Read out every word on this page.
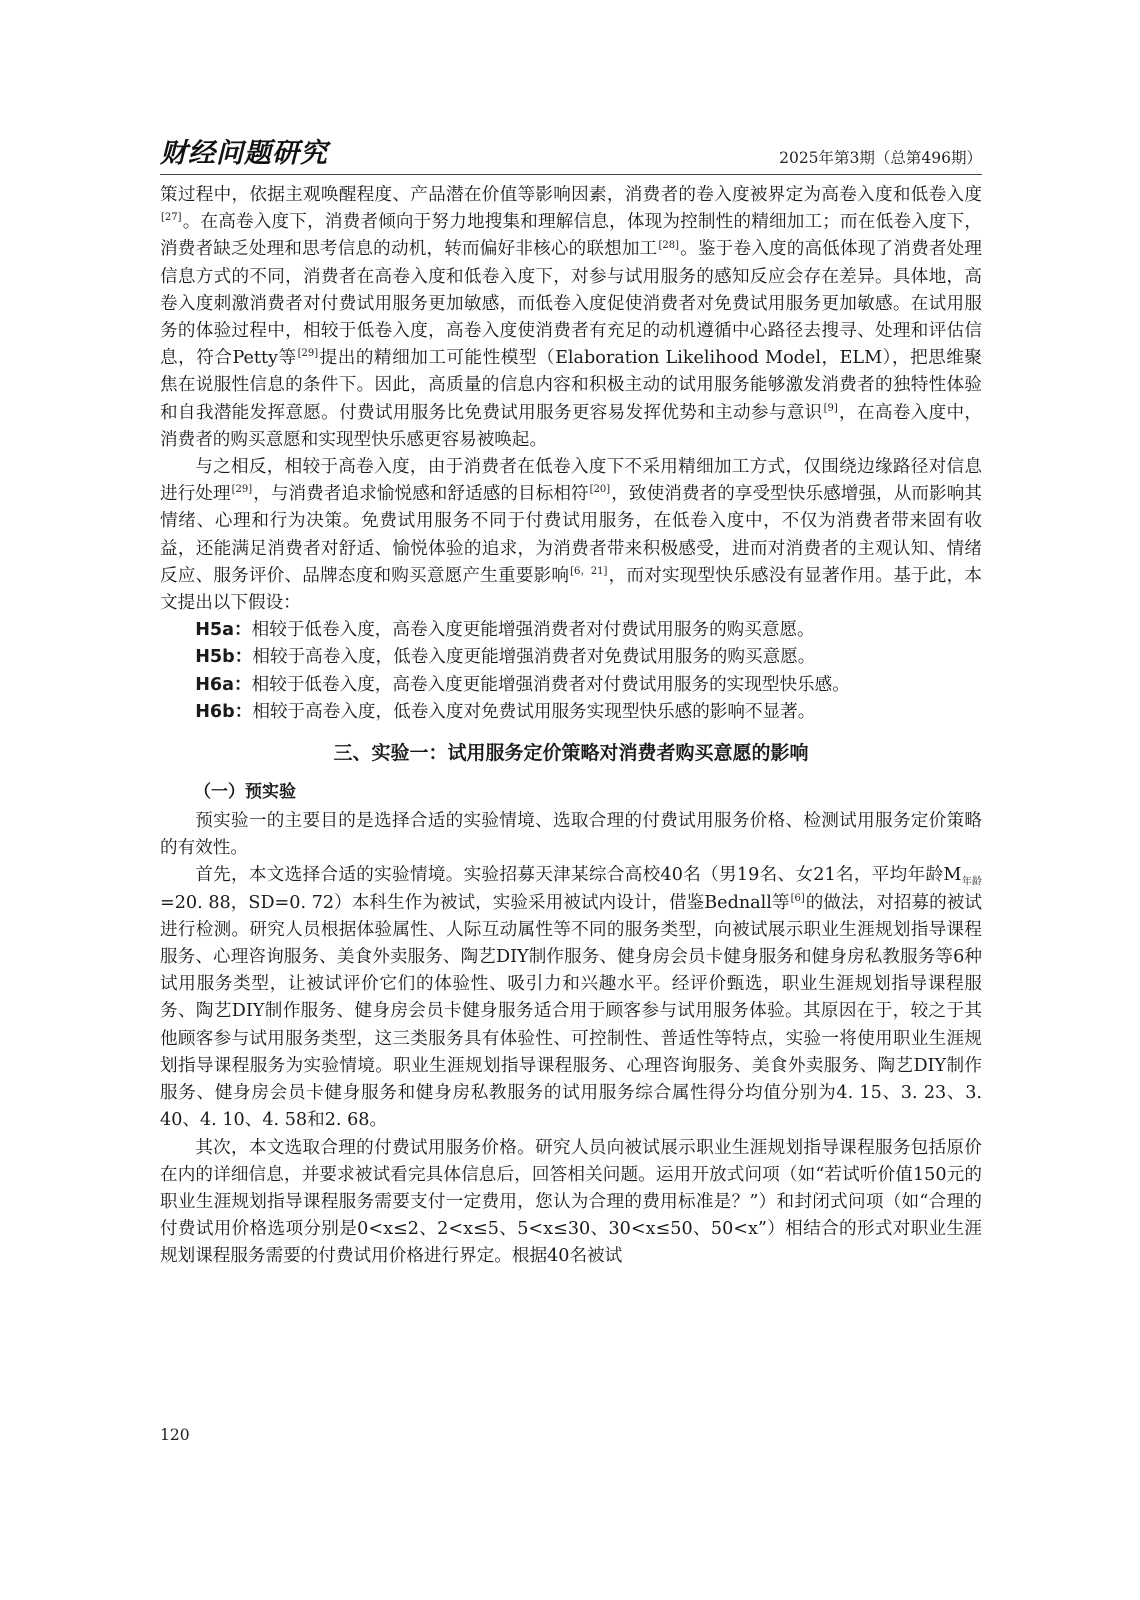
财经问题研究	2025年第3期（总第496期）

策过程中，依据主观唤醒程度、产品潜在价值等影响因素，消费者的卷入度被界定为高卷入度和低卷入度[27]。在高卷入度下，消费者倾向于努力地搜集和理解信息，体现为控制性的精细加工；而在低卷入度下，消费者缺乏处理和思考信息的动机，转而偏好非核心的联想加工[28]。鉴于卷入度的高低体现了消费者处理信息方式的不同，消费者在高卷入度和低卷入度下，对参与试用服务的感知反应会存在差异。具体地，高卷入度刺激消费者对付费试用服务更加敏感，而低卷入度促使消费者对免费试用服务更加敏感。在试用服务的体验过程中，相较于低卷入度，高卷入度使消费者有充足的动机遵循中心路径去搜寻、处理和评估信息，符合Petty等[29]提出的精细加工可能性模型（Elaboration Likelihood Model，ELM），把思维聚焦在说服性信息的条件下。因此，高质量的信息内容和积极主动的试用服务能够激发消费者的独特性体验和自我潜能发挥意愿。付费试用服务比免费试用服务更容易发挥优势和主动参与意识[9]，在高卷入度中，消费者的购买意愿和实现型快乐感更容易被唤起。

与之相反，相较于高卷入度，由于消费者在低卷入度下不采用精细加工方式，仅围绕边缘路径对信息进行处理[29]，与消费者追求愉悦感和舒适感的目标相符[20]，致使消费者的享受型快乐感增强，从而影响其情绪、心理和行为决策。免费试用服务不同于付费试用服务，在低卷入度中，不仅为消费者带来固有收益，还能满足消费者对舒适、愉悦体验的追求，为消费者带来积极感受，进而对消费者的主观认知、情绪反应、服务评价、品牌态度和购买意愿产生重要影响[6，21]，而对实现型快乐感没有显著作用。基于此，本文提出以下假设：

H5a：相较于低卷入度，高卷入度更能增强消费者对付费试用服务的购买意愿。

H5b：相较于高卷入度，低卷入度更能增强消费者对免费试用服务的购买意愿。

H6a：相较于低卷入度，高卷入度更能增强消费者对付费试用服务的实现型快乐感。

H6b：相较于高卷入度，低卷入度对免费试用服务实现型快乐感的影响不显著。

三、实验一：试用服务定价策略对消费者购买意愿的影响
（一）预实验

预实验一的主要目的是选择合适的实验情境、选取合理的付费试用服务价格、检测试用服务定价策略的有效性。

首先，本文选择合适的实验情境。实验招募天津某综合高校40名（男19名、女21名，平均年龄$M_{年龄}=20$. 88，SD=0. 72）本科生作为被试，实验采用被试内设计，借鉴Bednall等[6]的做法，对招募的被试进行检测。研究人员根据体验属性、人际互动属性等不同的服务类型，向被试展示职业生涯规划指导课程服务、心理咨询服务、美食外卖服务、陶艺DIY制作服务、健身房会员卡健身服务和健身房私教服务等6种试用服务类型，让被试评价它们的体验性、吸引力和兴趣水平。经评价甄选，职业生涯规划指导课程服务、陶艺DIY制作服务、健身房会员卡健身服务适合用于顾客参与试用服务体验。其原因在于，较之于其他顾客参与试用服务类型，这三类服务具有体验性、可控制性、普适性等特点，实验一将使用职业生涯规划指导课程服务为实验情境。职业生涯规划指导课程服务、心理咨询服务、美食外卖服务、陶艺DIY制作服务、健身房会员卡健身服务和健身房私教服务的试用服务综合属性得分均值分别为4. 15、3. 23、3. 40、4. 10、4. 58和2. 68。

其次，本文选取合理的付费试用服务价格。研究人员向被试展示职业生涯规划指导课程服务包括原价在内的详细信息，并要求被试看完具体信息后，回答相关问题。运用开放式问项（如“若试听价值150元的职业生涯规划指导课程服务需要支付一定费用，您认为合理的费用标准是？”）和封闭式问项（如“合理的付费试用价格选项分别是0<x≤2、2<x≤5、5<x≤30、30<x≤50、50<x”）相结合的形式对职业生涯规划课程服务需要的付费试用价格进行界定。根据40名被试

120
